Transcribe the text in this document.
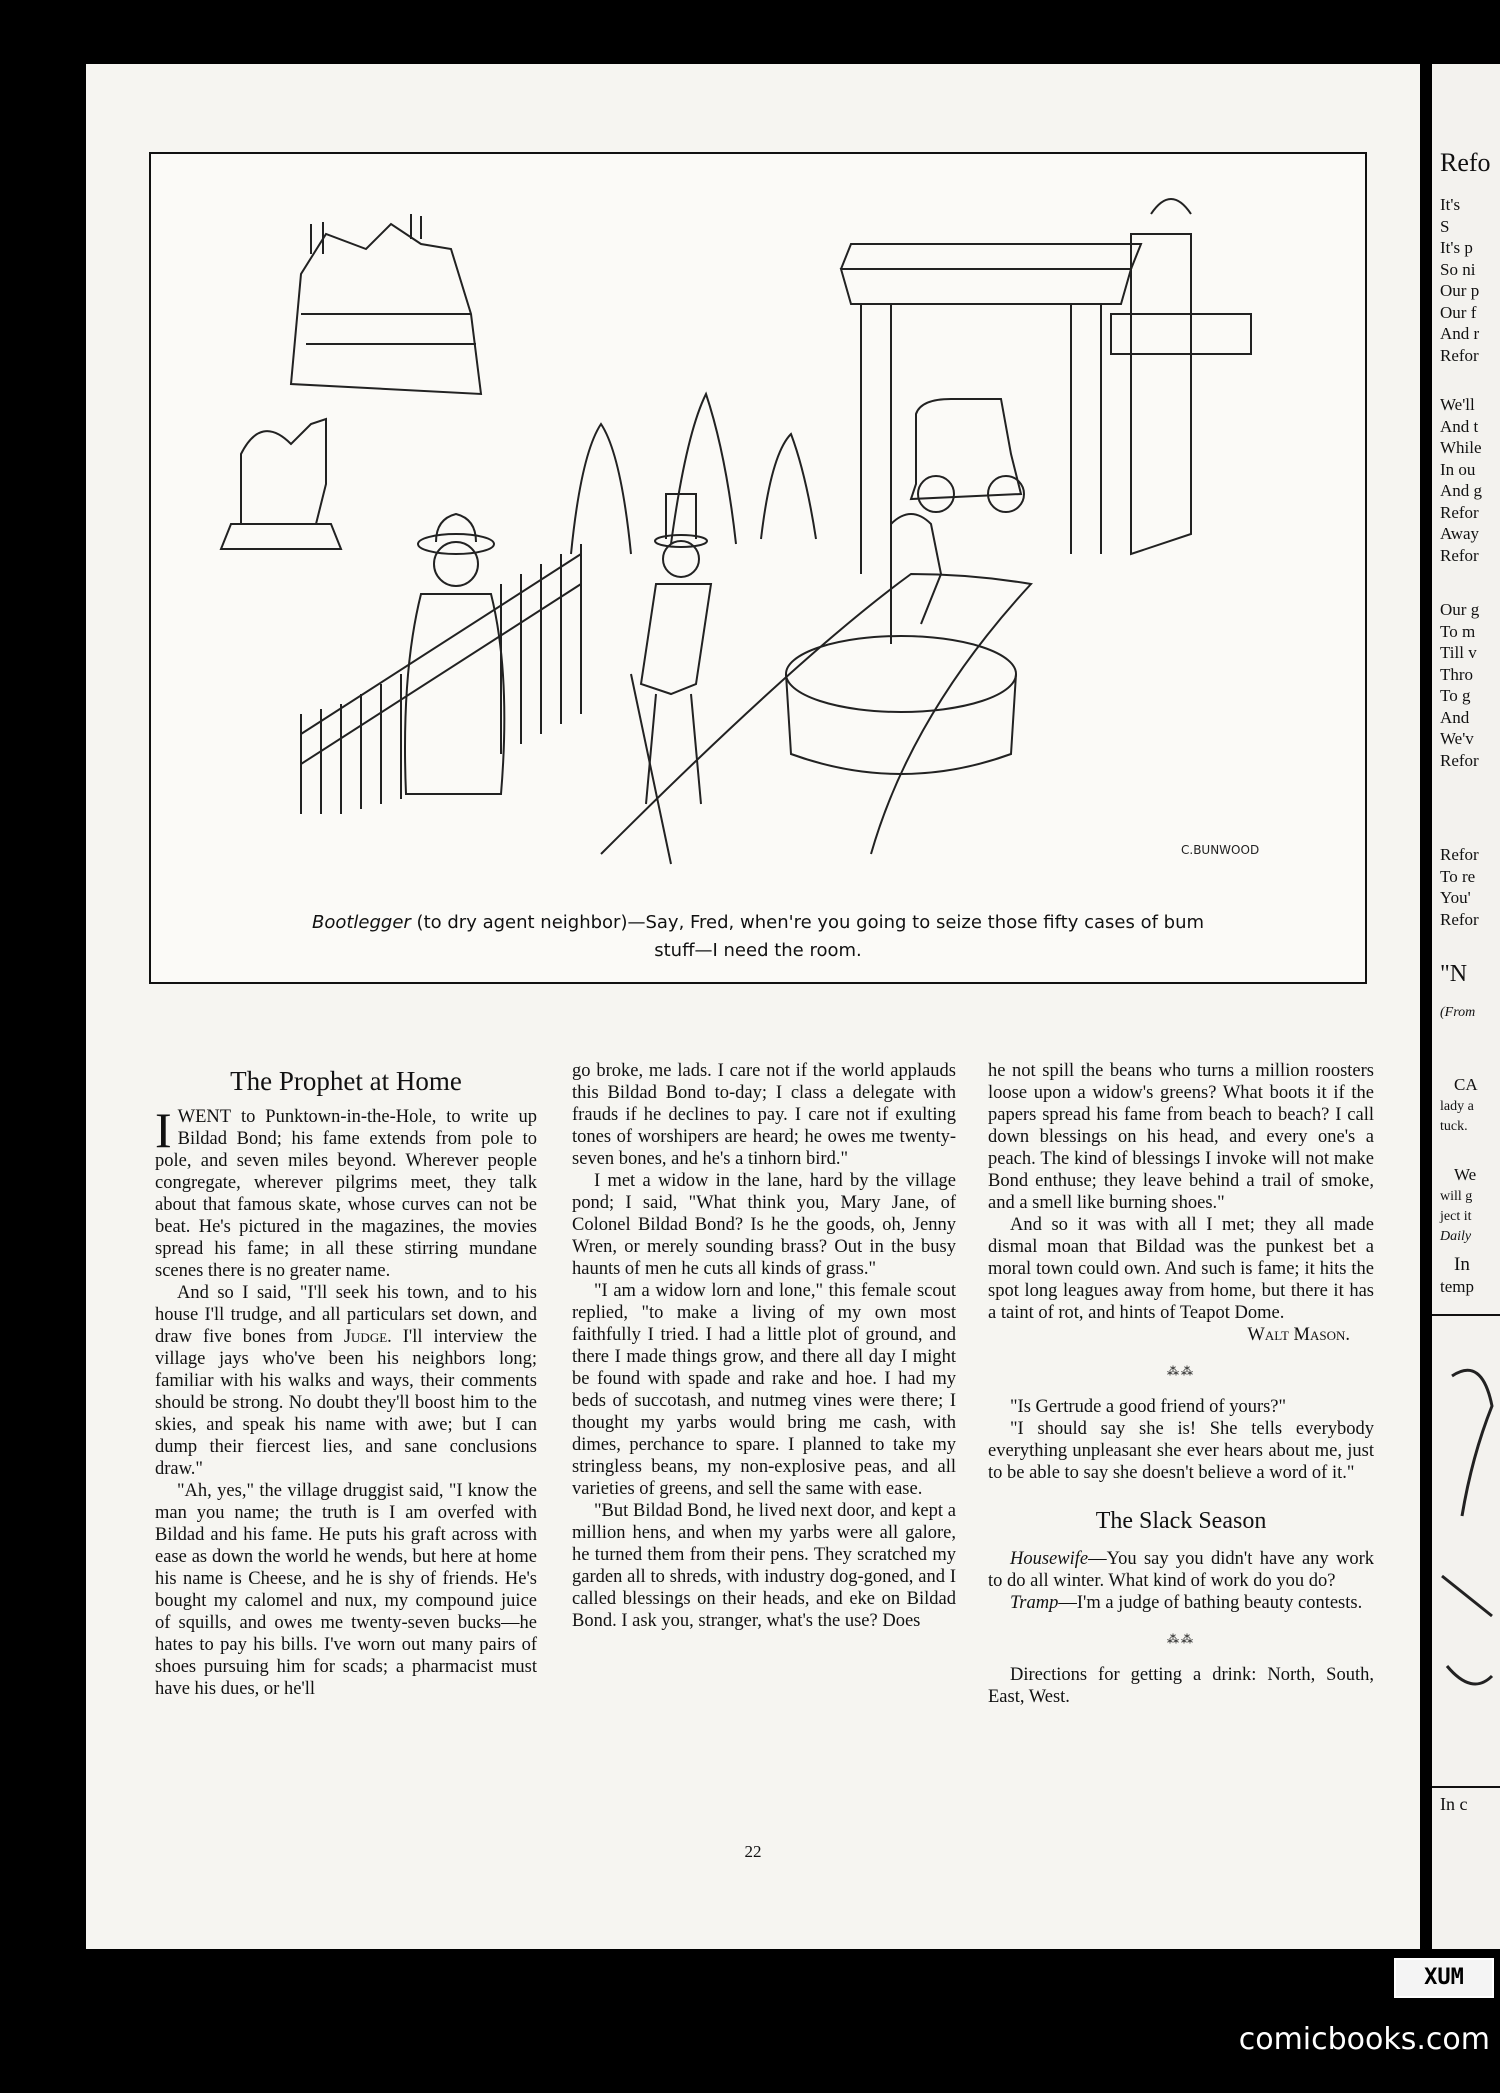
C.BUNWOOD
Bootlegger (to dry agent neighbor)—Say, Fred, when're you going to seize those fifty cases of bum stuff—I need the room.
The Prophet at Home

IWENT to Punktown-in-the-Hole, to write up Bildad Bond; his fame extends from pole to pole, and seven miles beyond. Wherever people congregate, wherever pilgrims meet, they talk about that famous skate, whose curves can not be beat. He's pictured in the magazines, the movies spread his fame; in all these stirring mundane scenes there is no greater name.

And so I said, "I'll seek his town, and to his house I'll trudge, and all particulars set down, and draw five bones from Judge. I'll interview the village jays who've been his neighbors long; familiar with his walks and ways, their comments should be strong. No doubt they'll boost him to the skies, and speak his name with awe; but I can dump their fiercest lies, and sane conclusions draw."

"Ah, yes," the village druggist said, "I know the man you name; the truth is I am overfed with Bildad and his fame. He puts his graft across with ease as down the world he wends, but here at home his name is Cheese, and he is shy of friends. He's bought my calomel and nux, my compound juice of squills, and owes me twenty-seven bucks—he hates to pay his bills. I've worn out many pairs of shoes pursuing him for scads; a pharmacist must have his dues, or he'll

go broke, me lads. I care not if the world applauds this Bildad Bond to-day; I class a delegate with frauds if he declines to pay. I care not if exulting tones of worshipers are heard; he owes me twenty-seven bones, and he's a tinhorn bird."

I met a widow in the lane, hard by the village pond; I said, "What think you, Mary Jane, of Colonel Bildad Bond? Is he the goods, oh, Jenny Wren, or merely sounding brass? Out in the busy haunts of men he cuts all kinds of grass."

"I am a widow lorn and lone," this female scout replied, "to make a living of my own most faithfully I tried. I had a little plot of ground, and there I made things grow, and there all day I might be found with spade and rake and hoe. I had my beds of succotash, and nutmeg vines were there; I thought my yarbs would bring me cash, with dimes, perchance to spare. I planned to take my stringless beans, my non-explosive peas, and all varieties of greens, and sell the same with ease.

"But Bildad Bond, he lived next door, and kept a million hens, and when my yarbs were all galore, he turned them from their pens. They scratched my garden all to shreds, with industry dog-goned, and I called blessings on their heads, and eke on Bildad Bond. I ask you, stranger, what's the use? Does

he not spill the beans who turns a million roosters loose upon a widow's greens? What boots it if the papers spread his fame from beach to beach? I call down blessings on his head, and every one's a peach. The kind of blessings I invoke will not make Bond enthuse; they leave behind a trail of smoke, and a smell like burning shoes."

And so it was with all I met; they all made dismal moan that Bildad was the punkest bet a moral town could own. And such is fame; it hits the spot long leagues away from home, but there it has a taint of rot, and hints of Teapot Dome.

Walt Mason.
⁂⁂

"Is Gertrude a good friend of yours?"

"I should say she is! She tells everybody everything unpleasant she ever hears about me, just to be able to say she doesn't believe a word of it."

The Slack Season

Housewife—You say you didn't have any work to do all winter. What kind of work do you do?

Tramp—I'm a judge of bathing beauty contests.

⁂⁂

Directions for getting a drink: North, South, East, West.

22
Refo
It's
S
It's p
So ni
Our p
Our f
And r
Refor
We'll
And t
While
In ou
And g
Refor
Away
Refor
Our g
To m
Till v
Thro
To g
And
We'v
Refor
Refor
To re
You'
Refor
"N
(From
CA
lady a
tuck.
We
will g
ject it
Daily
In
temp
In c
XUM
comicbooks.com
